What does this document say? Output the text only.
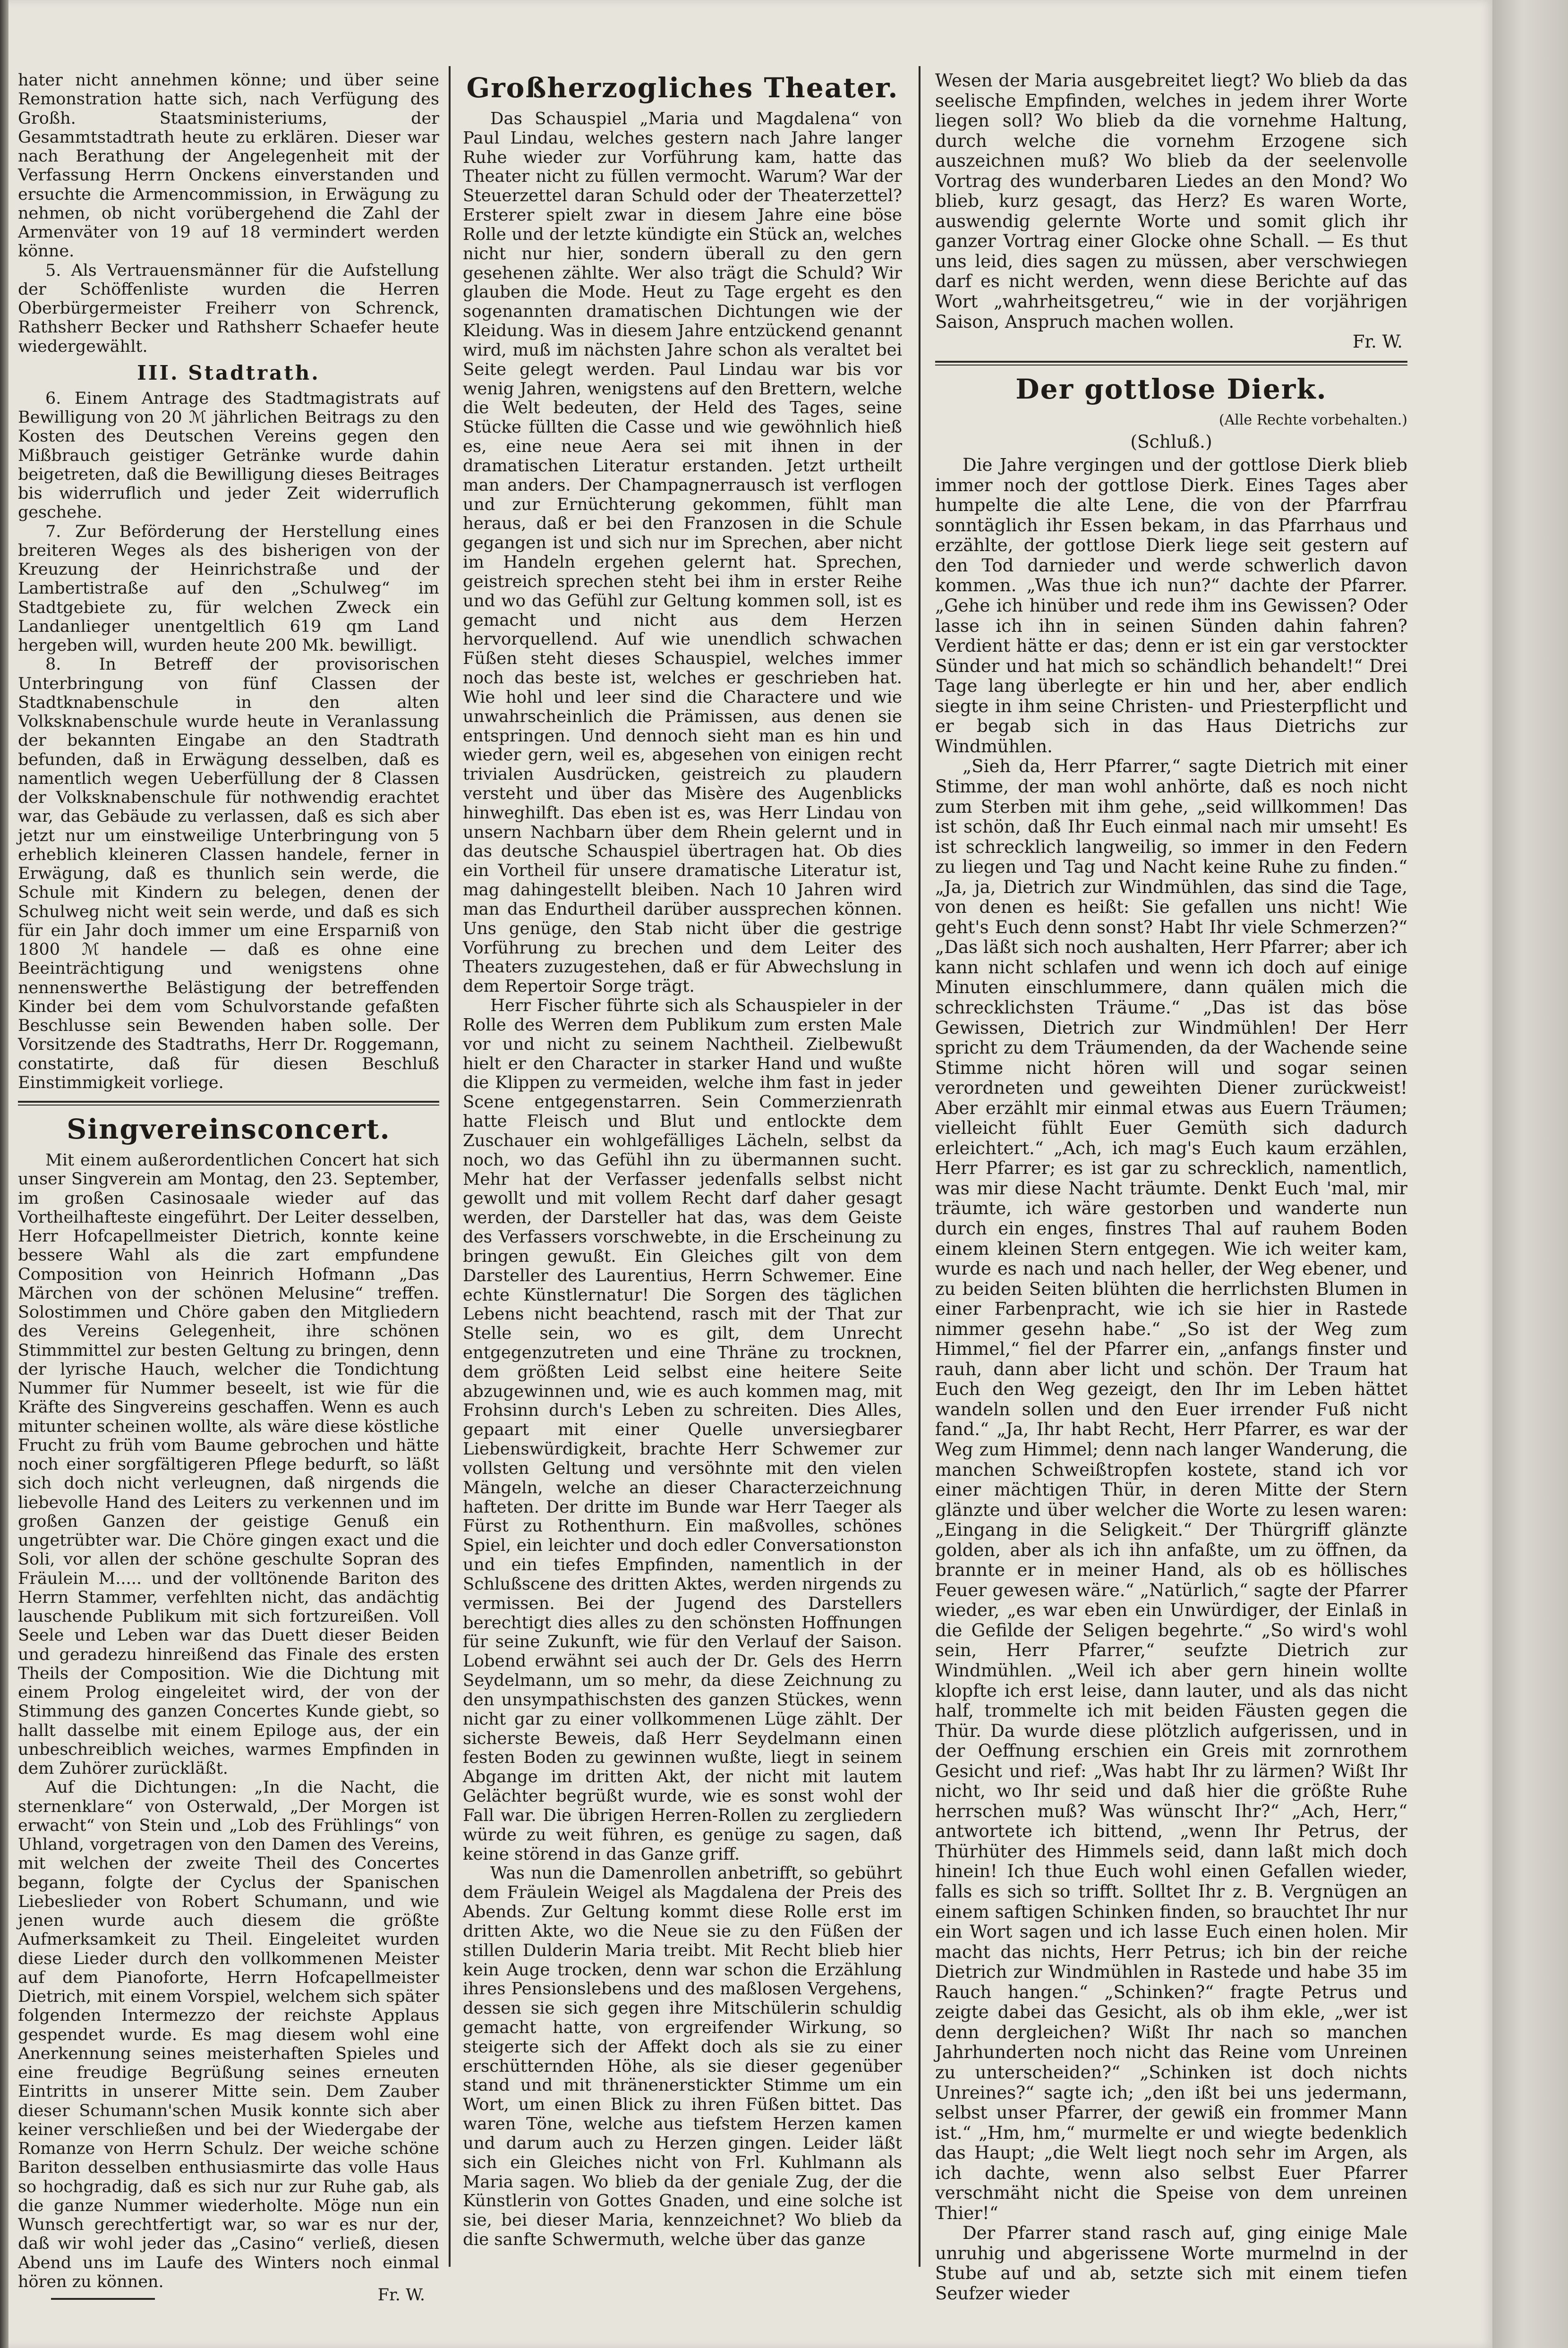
hater nicht annehmen könne; und über seine Remonstration hatte sich, nach Verfügung des Großh. Staatsministeriums, der Gesammtstadtrath heute zu erklären. Dieser war nach Berathung der Angelegenheit mit der Verfassung Herrn Onckens einverstanden und ersuchte die Armencommission, in Erwägung zu nehmen, ob nicht vorübergehend die Zahl der Armenväter von 19 auf 18 vermindert werden könne.

5. Als Vertrauensmänner für die Aufstellung der Schöffenliste wurden die Herren Oberbürgermeister Freiherr von Schrenck, Rathsherr Becker und Rathsherr Schaefer heute wiedergewählt.

III. Stadtrath.

6. Einem Antrage des Stadtmagistrats auf Bewilligung von 20 ℳ jährlichen Beitrags zu den Kosten des Deutschen Vereins gegen den Mißbrauch geistiger Getränke wurde dahin beigetreten, daß die Bewilligung dieses Beitrages bis widerruflich und jeder Zeit widerruflich geschehe.

7. Zur Beförderung der Herstellung eines breiteren Weges als des bisherigen von der Kreuzung der Heinrichstraße und der Lambertistraße auf den „Schulweg“ im Stadtgebiete zu, für welchen Zweck ein Landanlieger unentgeltlich 619 qm Land hergeben will, wurden heute 200 Mk. bewilligt.

8. In Betreff der provisorischen Unterbringung von fünf Classen der Stadtknabenschule in den alten Volksknabenschule wurde heute in Veranlassung der bekannten Eingabe an den Stadtrath befunden, daß in Erwägung desselben, daß es namentlich wegen Ueberfüllung der 8 Classen der Volksknabenschule für nothwendig erachtet war, das Gebäude zu verlassen, daß es sich aber jetzt nur um einstweilige Unterbringung von 5 erheblich kleineren Classen handele, ferner in Erwägung, daß es thunlich sein werde, die Schule mit Kindern zu belegen, denen der Schulweg nicht weit sein werde, und daß es sich für ein Jahr doch immer um eine Ersparniß von 1800 ℳ handele — daß es ohne eine Beeinträchtigung und wenigstens ohne nennenswerthe Belästigung der betreffenden Kinder bei dem vom Schulvorstande gefaßten Beschlusse sein Bewenden haben solle. Der Vorsitzende des Stadtraths, Herr Dr. Roggemann, constatirte, daß für diesen Beschluß Einstimmigkeit vorliege.

Singvereinsconcert.

Mit einem außerordentlichen Concert hat sich unser Singverein am Montag, den 23. September, im großen Casinosaale wieder auf das Vortheilhafteste eingeführt. Der Leiter desselben, Herr Hofcapellmeister Dietrich, konnte keine bessere Wahl als die zart empfundene Composition von Heinrich Hofmann „Das Märchen von der schönen Melusine“ treffen. Solostimmen und Chöre gaben den Mitgliedern des Vereins Gelegenheit, ihre schönen Stimmmittel zur besten Geltung zu bringen, denn der lyrische Hauch, welcher die Tondichtung Nummer für Nummer beseelt, ist wie für die Kräfte des Singvereins geschaffen. Wenn es auch mitunter scheinen wollte, als wäre diese köstliche Frucht zu früh vom Baume gebrochen und hätte noch einer sorgfältigeren Pflege bedurft, so läßt sich doch nicht verleugnen, daß nirgends die liebevolle Hand des Leiters zu verkennen und im großen Ganzen der geistige Genuß ein ungetrübter war. Die Chöre gingen exact und die Soli, vor allen der schöne geschulte Sopran des Fräulein M..... und der volltönende Bariton des Herrn Stammer, verfehlten nicht, das andächtig lauschende Publikum mit sich fortzureißen. Voll Seele und Leben war das Duett dieser Beiden und geradezu hinreißend das Finale des ersten Theils der Composition. Wie die Dichtung mit einem Prolog eingeleitet wird, der von der Stimmung des ganzen Concertes Kunde giebt, so hallt dasselbe mit einem Epiloge aus, der ein unbeschreiblich weiches, warmes Empfinden in dem Zuhörer zurückläßt.

Auf die Dichtungen: „In die Nacht, die sternenklare“ von Osterwald, „Der Morgen ist erwacht“ von Stein und „Lob des Frühlings“ von Uhland, vorgetragen von den Damen des Vereins, mit welchen der zweite Theil des Concertes begann, folgte der Cyclus der Spanischen Liebeslieder von Robert Schumann, und wie jenen wurde auch diesem die größte Aufmerksamkeit zu Theil. Eingeleitet wurden diese Lieder durch den vollkommenen Meister auf dem Pianoforte, Herrn Hofcapellmeister Dietrich, mit einem Vorspiel, welchem sich später folgenden Intermezzo der reichste Applaus gespendet wurde. Es mag diesem wohl eine Anerkennung seines meisterhaften Spieles und eine freudige Begrüßung seines erneuten Eintritts in unserer Mitte sein. Dem Zauber dieser Schumann'schen Musik konnte sich aber keiner verschließen und bei der Wiedergabe der Romanze von Herrn Schulz. Der weiche schöne Bariton desselben enthusiasmirte das volle Haus so hochgradig, daß es sich nur zur Ruhe gab, als die ganze Nummer wiederholte. Möge nun ein Wunsch gerechtfertigt war, so war es nur der, daß wir wohl jeder das „Casino“ verließ, diesen Abend uns im Laufe des Winters noch einmal hören zu können.

Fr. W.
Großherzogliches Theater.

Das Schauspiel „Maria und Magdalena“ von Paul Lindau, welches gestern nach Jahre langer Ruhe wieder zur Vorführung kam, hatte das Theater nicht zu füllen vermocht. Warum? War der Steuerzettel daran Schuld oder der Theaterzettel? Ersterer spielt zwar in diesem Jahre eine böse Rolle und der letzte kündigte ein Stück an, welches nicht nur hier, sondern überall zu den gern gesehenen zählte. Wer also trägt die Schuld? Wir glauben die Mode. Heut zu Tage ergeht es den sogenannten dramatischen Dichtungen wie der Kleidung. Was in diesem Jahre entzückend genannt wird, muß im nächsten Jahre schon als veraltet bei Seite gelegt werden. Paul Lindau war bis vor wenig Jahren, wenigstens auf den Brettern, welche die Welt bedeuten, der Held des Tages, seine Stücke füllten die Casse und wie gewöhnlich hieß es, eine neue Aera sei mit ihnen in der dramatischen Literatur erstanden. Jetzt urtheilt man anders. Der Champagnerrausch ist verflogen und zur Ernüchterung gekommen, fühlt man heraus, daß er bei den Franzosen in die Schule gegangen ist und sich nur im Sprechen, aber nicht im Handeln ergehen gelernt hat. Sprechen, geistreich sprechen steht bei ihm in erster Reihe und wo das Gefühl zur Geltung kommen soll, ist es gemacht und nicht aus dem Herzen hervorquellend. Auf wie unendlich schwachen Füßen steht dieses Schauspiel, welches immer noch das beste ist, welches er geschrieben hat. Wie hohl und leer sind die Charactere und wie unwahrscheinlich die Prämissen, aus denen sie entspringen. Und dennoch sieht man es hin und wieder gern, weil es, abgesehen von einigen recht trivialen Ausdrücken, geistreich zu plaudern versteht und über das Misère des Augenblicks hinweghilft. Das eben ist es, was Herr Lindau von unsern Nachbarn über dem Rhein gelernt und in das deutsche Schauspiel übertragen hat. Ob dies ein Vortheil für unsere dramatische Literatur ist, mag dahingestellt bleiben. Nach 10 Jahren wird man das Endurtheil darüber aussprechen können. Uns genüge, den Stab nicht über die gestrige Vorführung zu brechen und dem Leiter des Theaters zuzugestehen, daß er für Abwechslung in dem Repertoir Sorge trägt.

Herr Fischer führte sich als Schauspieler in der Rolle des Werren dem Publikum zum ersten Male vor und nicht zu seinem Nachtheil. Zielbewußt hielt er den Character in starker Hand und wußte die Klippen zu vermeiden, welche ihm fast in jeder Scene entgegenstarren. Sein Commerzienrath hatte Fleisch und Blut und entlockte dem Zuschauer ein wohlgefälliges Lächeln, selbst da noch, wo das Gefühl ihn zu übermannen sucht. Mehr hat der Verfasser jedenfalls selbst nicht gewollt und mit vollem Recht darf daher gesagt werden, der Darsteller hat das, was dem Geiste des Verfassers vorschwebte, in die Erscheinung zu bringen gewußt. Ein Gleiches gilt von dem Darsteller des Laurentius, Herrn Schwemer. Eine echte Künstlernatur! Die Sorgen des täglichen Lebens nicht beachtend, rasch mit der That zur Stelle sein, wo es gilt, dem Unrecht entgegenzutreten und eine Thräne zu trocknen, dem größten Leid selbst eine heitere Seite abzugewinnen und, wie es auch kommen mag, mit Frohsinn durch's Leben zu schreiten. Dies Alles, gepaart mit einer Quelle unversiegbarer Liebenswürdigkeit, brachte Herr Schwemer zur vollsten Geltung und versöhnte mit den vielen Mängeln, welche an dieser Characterzeichnung hafteten. Der dritte im Bunde war Herr Taeger als Fürst zu Rothenthurn. Ein maßvolles, schönes Spiel, ein leichter und doch edler Conversationston und ein tiefes Empfinden, namentlich in der Schlußscene des dritten Aktes, werden nirgends zu vermissen. Bei der Jugend des Darstellers berechtigt dies alles zu den schönsten Hoffnungen für seine Zukunft, wie für den Verlauf der Saison. Lobend erwähnt sei auch der Dr. Gels des Herrn Seydelmann, um so mehr, da diese Zeichnung zu den unsympathischsten des ganzen Stückes, wenn nicht gar zu einer vollkommenen Lüge zählt. Der sicherste Beweis, daß Herr Seydelmann einen festen Boden zu gewinnen wußte, liegt in seinem Abgange im dritten Akt, der nicht mit lautem Gelächter begrüßt wurde, wie es sonst wohl der Fall war. Die übrigen Herren-Rollen zu zergliedern würde zu weit führen, es genüge zu sagen, daß keine störend in das Ganze griff.

Was nun die Damenrollen anbetrifft, so gebührt dem Fräulein Weigel als Magdalena der Preis des Abends. Zur Geltung kommt diese Rolle erst im dritten Akte, wo die Neue sie zu den Füßen der stillen Dulderin Maria treibt. Mit Recht blieb hier kein Auge trocken, denn war schon die Erzählung ihres Pensionslebens und des maßlosen Vergehens, dessen sie sich gegen ihre Mitschülerin schuldig gemacht hatte, von ergreifender Wirkung, so steigerte sich der Affekt doch als sie zu einer erschütternden Höhe, als sie dieser gegenüber stand und mit thränenerstickter Stimme um ein Wort, um einen Blick zu ihren Füßen bittet. Das waren Töne, welche aus tiefstem Herzen kamen und darum auch zu Herzen gingen. Leider läßt sich ein Gleiches nicht von Frl. Kuhlmann als Maria sagen. Wo blieb da der geniale Zug, der die Künstlerin von Gottes Gnaden, und eine solche ist sie, bei dieser Maria, kennzeichnet? Wo blieb da die sanfte Schwermuth, welche über das ganze

Wesen der Maria ausgebreitet liegt? Wo blieb da das seelische Empfinden, welches in jedem ihrer Worte liegen soll? Wo blieb da die vornehme Haltung, durch welche die vornehm Erzogene sich auszeichnen muß? Wo blieb da der seelenvolle Vortrag des wunderbaren Liedes an den Mond? Wo blieb, kurz gesagt, das Herz? Es waren Worte, auswendig gelernte Worte und somit glich ihr ganzer Vortrag einer Glocke ohne Schall. — Es thut uns leid, dies sagen zu müssen, aber verschwiegen darf es nicht werden, wenn diese Berichte auf das Wort „wahrheitsgetreu,“ wie in der vorjährigen Saison, Anspruch machen wollen.

Fr. W.
Der gottlose Dierk.

(Alle Rechte vorbehalten.)

(Schluß.)

Die Jahre vergingen und der gottlose Dierk blieb immer noch der gottlose Dierk. Eines Tages aber humpelte die alte Lene, die von der Pfarrfrau sonntäglich ihr Essen bekam, in das Pfarrhaus und erzählte, der gottlose Dierk liege seit gestern auf den Tod darnieder und werde schwerlich davon kommen. „Was thue ich nun?“ dachte der Pfarrer. „Gehe ich hinüber und rede ihm ins Gewissen? Oder lasse ich ihn in seinen Sünden dahin fahren? Verdient hätte er das; denn er ist ein gar verstockter Sünder und hat mich so schändlich behandelt!“ Drei Tage lang überlegte er hin und her, aber endlich siegte in ihm seine Christen- und Priesterpflicht und er begab sich in das Haus Dietrichs zur Windmühlen.

„Sieh da, Herr Pfarrer,“ sagte Dietrich mit einer Stimme, der man wohl anhörte, daß es noch nicht zum Sterben mit ihm gehe, „seid willkommen! Das ist schön, daß Ihr Euch einmal nach mir umseht! Es ist schrecklich langweilig, so immer in den Federn zu liegen und Tag und Nacht keine Ruhe zu finden.“ „Ja, ja, Dietrich zur Windmühlen, das sind die Tage, von denen es heißt: Sie gefallen uns nicht! Wie geht's Euch denn sonst? Habt Ihr viele Schmerzen?“ „Das läßt sich noch aushalten, Herr Pfarrer; aber ich kann nicht schlafen und wenn ich doch auf einige Minuten einschlummere, dann quälen mich die schrecklichsten Träume.“ „Das ist das böse Gewissen, Dietrich zur Windmühlen! Der Herr spricht zu dem Träumenden, da der Wachende seine Stimme nicht hören will und sogar seinen verordneten und geweihten Diener zurückweist! Aber erzählt mir einmal etwas aus Euern Träumen; vielleicht fühlt Euer Gemüth sich dadurch erleichtert.“ „Ach, ich mag's Euch kaum erzählen, Herr Pfarrer; es ist gar zu schrecklich, namentlich, was mir diese Nacht träumte. Denkt Euch 'mal, mir träumte, ich wäre gestorben und wanderte nun durch ein enges, finstres Thal auf rauhem Boden einem kleinen Stern entgegen. Wie ich weiter kam, wurde es nach und nach heller, der Weg ebener, und zu beiden Seiten blühten die herrlichsten Blumen in einer Farbenpracht, wie ich sie hier in Rastede nimmer gesehn habe.“ „So ist der Weg zum Himmel,“ fiel der Pfarrer ein, „anfangs finster und rauh, dann aber licht und schön. Der Traum hat Euch den Weg gezeigt, den Ihr im Leben hättet wandeln sollen und den Euer irrender Fuß nicht fand.“ „Ja, Ihr habt Recht, Herr Pfarrer, es war der Weg zum Himmel; denn nach langer Wanderung, die manchen Schweißtropfen kostete, stand ich vor einer mächtigen Thür, in deren Mitte der Stern glänzte und über welcher die Worte zu lesen waren: „Eingang in die Seligkeit.“ Der Thürgriff glänzte golden, aber als ich ihn anfaßte, um zu öffnen, da brannte er in meiner Hand, als ob es höllisches Feuer gewesen wäre.“ „Natürlich,“ sagte der Pfarrer wieder, „es war eben ein Unwürdiger, der Einlaß in die Gefilde der Seligen begehrte.“ „So wird's wohl sein, Herr Pfarrer,“ seufzte Dietrich zur Windmühlen. „Weil ich aber gern hinein wollte klopfte ich erst leise, dann lauter, und als das nicht half, trommelte ich mit beiden Fäusten gegen die Thür. Da wurde diese plötzlich aufgerissen, und in der Oeffnung erschien ein Greis mit zornrothem Gesicht und rief: „Was habt Ihr zu lärmen? Wißt Ihr nicht, wo Ihr seid und daß hier die größte Ruhe herrschen muß? Was wünscht Ihr?“ „Ach, Herr,“ antwortete ich bittend, „wenn Ihr Petrus, der Thürhüter des Himmels seid, dann laßt mich doch hinein! Ich thue Euch wohl einen Gefallen wieder, falls es sich so trifft. Solltet Ihr z. B. Vergnügen an einem saftigen Schinken finden, so brauchtet Ihr nur ein Wort sagen und ich lasse Euch einen holen. Mir macht das nichts, Herr Petrus; ich bin der reiche Dietrich zur Windmühlen in Rastede und habe 35 im Rauch hangen.“ „Schinken?“ fragte Petrus und zeigte dabei das Gesicht, als ob ihm ekle, „wer ist denn dergleichen? Wißt Ihr nach so manchen Jahrhunderten noch nicht das Reine vom Unreinen zu unterscheiden?“ „Schinken ist doch nichts Unreines?“ sagte ich; „den ißt bei uns jedermann, selbst unser Pfarrer, der gewiß ein frommer Mann ist.“ „Hm, hm,“ murmelte er und wiegte bedenklich das Haupt; „die Welt liegt noch sehr im Argen, als ich dachte, wenn also selbst Euer Pfarrer verschmäht nicht die Speise von dem unreinen Thier!“

Der Pfarrer stand rasch auf, ging einige Male unruhig und abgerissene Worte murmelnd in der Stube auf und ab, setzte sich mit einem tiefen Seufzer wieder
